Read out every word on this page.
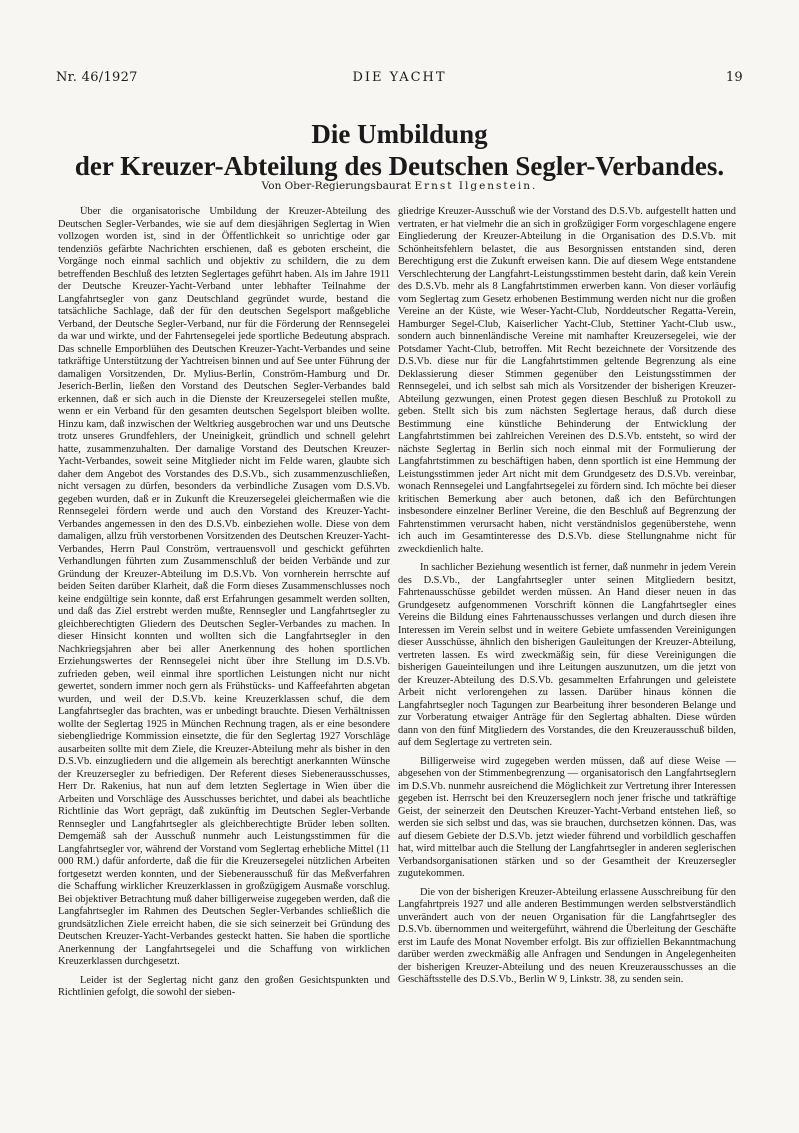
Nr. 46/1927	DIE YACHT	19
Die Umbildung
der Kreuzer-Abteilung des Deutschen Segler-Verbandes.
Von Ober-Regierungsbaurat Ernst Ilgenstein.

Über die organisatorische Umbildung der Kreuzer-Abteilung des Deutschen Segler-Verbandes, wie sie auf dem diesjährigen Seglertag in Wien vollzogen worden ist, sind in der Öffentlichkeit so unrichtige oder gar tendenziös gefärbte Nachrichten erschienen, daß es geboten erscheint, die Vorgänge noch einmal sachlich und objektiv zu schildern, die zu dem betreffenden Beschluß des letzten Seglertages geführt haben. Als im Jahre 1911 der Deutsche Kreuzer-Yacht-Verband unter lebhafter Teilnahme der Langfahrtsegler von ganz Deutschland gegründet wurde, bestand die tatsächliche Sachlage, daß der für den deutschen Segelsport maßgebliche Verband, der Deutsche Segler-Verband, nur für die Förderung der Rennsegelei da war und wirkte, und der Fahrtensegelei jede sportliche Bedeutung absprach. Das schnelle Emporblühen des Deutschen Kreuzer-Yacht-Verbandes und seine tatkräftige Unterstützung der Yachtreisen binnen und auf See unter Führung der damaligen Vorsitzenden, Dr. Mylius-Berlin, Conström-Hamburg und Dr. Jeserich-Berlin, ließen den Vorstand des Deutschen Segler-Verbandes bald erkennen, daß er sich auch in die Dienste der Kreuzersegelei stellen mußte, wenn er ein Verband für den gesamten deutschen Segelsport bleiben wollte. Hinzu kam, daß inzwischen der Weltkrieg ausgebrochen war und uns Deutsche trotz unseres Grundfehlers, der Uneinigkeit, gründlich und schnell gelehrt hatte, zusammenzuhalten. Der damalige Vorstand des Deutschen Kreuzer-Yacht-Verbandes, soweit seine Mitglieder nicht im Felde waren, glaubte sich daher dem Angebot des Vorstandes des D.S.Vb., sich zusammenzuschließen, nicht versagen zu dürfen, besonders da verbindliche Zusagen vom D.S.Vb. gegeben wurden, daß er in Zukunft die Kreuzersegelei gleichermaßen wie die Rennsegelei fördern werde und auch den Vorstand des Kreuzer-Yacht-Verbandes angemessen in den des D.S.Vb. einbeziehen wolle. Diese von dem damaligen, allzu früh verstorbenen Vorsitzenden des Deutschen Kreuzer-Yacht-Verbandes, Herrn Paul Conström, vertrauensvoll und geschickt geführten Verhandlungen führten zum Zusammenschluß der beiden Verbände und zur Gründung der Kreuzer-Abteilung im D.S.Vb. Von vornherein herrschte auf beiden Seiten darüber Klarheit, daß die Form dieses Zusammenschlusses noch keine endgültige sein konnte, daß erst Erfahrungen gesammelt werden sollten, und daß das Ziel erstrebt werden mußte, Rennsegler und Langfahrtsegler zu gleichberechtigten Gliedern des Deutschen Segler-Verbandes zu machen. In dieser Hinsicht konnten und wollten sich die Langfahrtsegler in den Nachkriegsjahren aber bei aller Anerkennung des hohen sportlichen Erziehungswertes der Rennsegelei nicht über ihre Stellung im D.S.Vb. zufrieden geben, weil einmal ihre sportlichen Leistungen nicht nur nicht gewertet, sondern immer noch gern als Frühstücks- und Kaffeefahrten abgetan wurden, und weil der D.S.Vb. keine Kreuzerklassen schuf, die dem Langfahrtsegler das brachten, was er unbedingt brauchte. Diesen Verhältnissen wollte der Seglertag 1925 in München Rechnung tragen, als er eine besondere siebengliedrige Kommission einsetzte, die für den Seglertag 1927 Vorschläge ausarbeiten sollte mit dem Ziele, die Kreuzer-Abteilung mehr als bisher in den D.S.Vb. einzugliedern und die allgemein als berechtigt anerkannten Wünsche der Kreuzersegler zu befriedigen. Der Referent dieses Siebenerausschusses, Herr Dr. Rakenius, hat nun auf dem letzten Seglertage in Wien über die Arbeiten und Vorschläge des Ausschusses berichtet, und dabei als beachtliche Richtlinie das Wort geprägt, daß zukünftig im Deutschen Segler-Verbande Rennsegler und Langfahrtsegler als gleichberechtigte Brüder leben sollten. Demgemäß sah der Ausschuß nunmehr auch Leistungsstimmen für die Langfahrtsegler vor, während der Vorstand vom Seglertag erhebliche Mittel (11 000 RM.) dafür anforderte, daß die für die Kreuzersegelei nützlichen Arbeiten fortgesetzt werden konnten, und der Siebenerausschuß für das Meßverfahren die Schaffung wirklicher Kreuzerklassen in großzügigem Ausmaße vorschlug. Bei objektiver Betrachtung muß daher billigerweise zugegeben werden, daß die Langfahrtsegler im Rahmen des Deutschen Segler-Verbandes schließlich die grundsätzlichen Ziele erreicht haben, die sie sich seinerzeit bei Gründung des Deutschen Kreuzer-Yacht-Verbandes gesteckt hatten. Sie haben die sportliche Anerkennung der Langfahrtsegelei und die Schaffung von wirklichen Kreuzerklassen durchgesetzt.

Leider ist der Seglertag nicht ganz den großen Gesichtspunkten und Richtlinien gefolgt, die sowohl der sieben-

gliedrige Kreuzer-Ausschuß wie der Vorstand des D.S.Vb. aufgestellt hatten und vertraten, er hat vielmehr die an sich in großzügiger Form vorgeschlagene engere Eingliederung der Kreuzer-Abteilung in die Organisation des D.S.Vb. mit Schönheitsfehlern belastet, die aus Besorgnissen entstanden sind, deren Berechtigung erst die Zukunft erweisen kann. Die auf diesem Wege entstandene Verschlechterung der Langfahrt-Leistungsstimmen besteht darin, daß kein Verein des D.S.Vb. mehr als 8 Langfahrtstimmen erwerben kann. Von dieser vorläufig vom Seglertag zum Gesetz erhobenen Bestimmung werden nicht nur die großen Vereine an der Küste, wie Weser-Yacht-Club, Norddeutscher Regatta-Verein, Hamburger Segel-Club, Kaiserlicher Yacht-Club, Stettiner Yacht-Club usw., sondern auch binnenländische Vereine mit namhafter Kreuzersegelei, wie der Potsdamer Yacht-Club, betroffen. Mit Recht bezeichnete der Vorsitzende des D.S.Vb. diese nur für die Langfahrtstimmen geltende Begrenzung als eine Deklassierung dieser Stimmen gegenüber den Leistungsstimmen der Rennsegelei, und ich selbst sah mich als Vorsitzender der bisherigen Kreuzer-Abteilung gezwungen, einen Protest gegen diesen Beschluß zu Protokoll zu geben. Stellt sich bis zum nächsten Seglertage heraus, daß durch diese Bestimmung eine künstliche Behinderung der Entwicklung der Langfahrtstimmen bei zahlreichen Vereinen des D.S.Vb. entsteht, so wird der nächste Seglertag in Berlin sich noch einmal mit der Formulierung der Langfahrtstimmen zu beschäftigen haben, denn sportlich ist eine Hemmung der Leistungsstimmen jeder Art nicht mit dem Grundgesetz des D.S.Vb. vereinbar, wonach Rennsegelei und Langfahrtsegelei zu fördern sind. Ich möchte bei dieser kritischen Bemerkung aber auch betonen, daß ich den Befürchtungen insbesondere einzelner Berliner Vereine, die den Beschluß auf Begrenzung der Fahrtenstimmen verursacht haben, nicht verständnislos gegenüberstehe, wenn ich auch im Gesamtinteresse des D.S.Vb. diese Stellungnahme nicht für zweckdienlich halte.

In sachlicher Beziehung wesentlich ist ferner, daß nunmehr in jedem Verein des D.S.Vb., der Langfahrtsegler unter seinen Mitgliedern besitzt, Fahrtenausschüsse gebildet werden müssen. An Hand dieser neuen in das Grundgesetz aufgenommenen Vorschrift können die Langfahrtsegler eines Vereins die Bildung eines Fahrtenausschusses verlangen und durch diesen ihre Interessen im Verein selbst und in weitere Gebiete umfassenden Vereinigungen dieser Ausschüsse, ähnlich den bisherigen Gauleitungen der Kreuzer-Abteilung, vertreten lassen. Es wird zweckmäßig sein, für diese Vereinigungen die bisherigen Gaueinteilungen und ihre Leitungen auszunutzen, um die jetzt von der Kreuzer-Abteilung des D.S.Vb. gesammelten Erfahrungen und geleistete Arbeit nicht verlorengehen zu lassen. Darüber hinaus können die Langfahrtsegler noch Tagungen zur Bearbeitung ihrer besonderen Belange und zur Vorberatung etwaiger Anträge für den Seglertag abhalten. Diese würden dann von den fünf Mitgliedern des Vorstandes, die den Kreuzerausschuß bilden, auf dem Seglertage zu vertreten sein.

Billigerweise wird zugegeben werden müssen, daß auf diese Weise — abgesehen von der Stimmenbegrenzung — organisatorisch den Langfahrtseglern im D.S.Vb. nunmehr ausreichend die Möglichkeit zur Vertretung ihrer Interessen gegeben ist. Herrscht bei den Kreuzerseglern noch jener frische und tatkräftige Geist, der seinerzeit den Deutschen Kreuzer-Yacht-Verband entstehen ließ, so werden sie sich selbst und das, was sie brauchen, durchsetzen können. Das, was auf diesem Gebiete der D.S.Vb. jetzt wieder führend und vorbildlich geschaffen hat, wird mittelbar auch die Stellung der Langfahrtsegler in anderen seglerischen Verbandsorganisationen stärken und so der Gesamtheit der Kreuzersegler zugutekommen.

Die von der bisherigen Kreuzer-Abteilung erlassene Ausschreibung für den Langfahrtpreis 1927 und alle anderen Bestimmungen werden selbstverständlich unverändert auch von der neuen Organisation für die Langfahrtsegler des D.S.Vb. übernommen und weitergeführt, während die Überleitung der Geschäfte erst im Laufe des Monat November erfolgt. Bis zur offiziellen Bekanntmachung darüber werden zweckmäßig alle Anfragen und Sendungen in Angelegenheiten der bisherigen Kreuzer-Abteilung und des neuen Kreuzerausschusses an die Geschäftsstelle des D.S.Vb., Berlin W 9, Linkstr. 38, zu senden sein.
